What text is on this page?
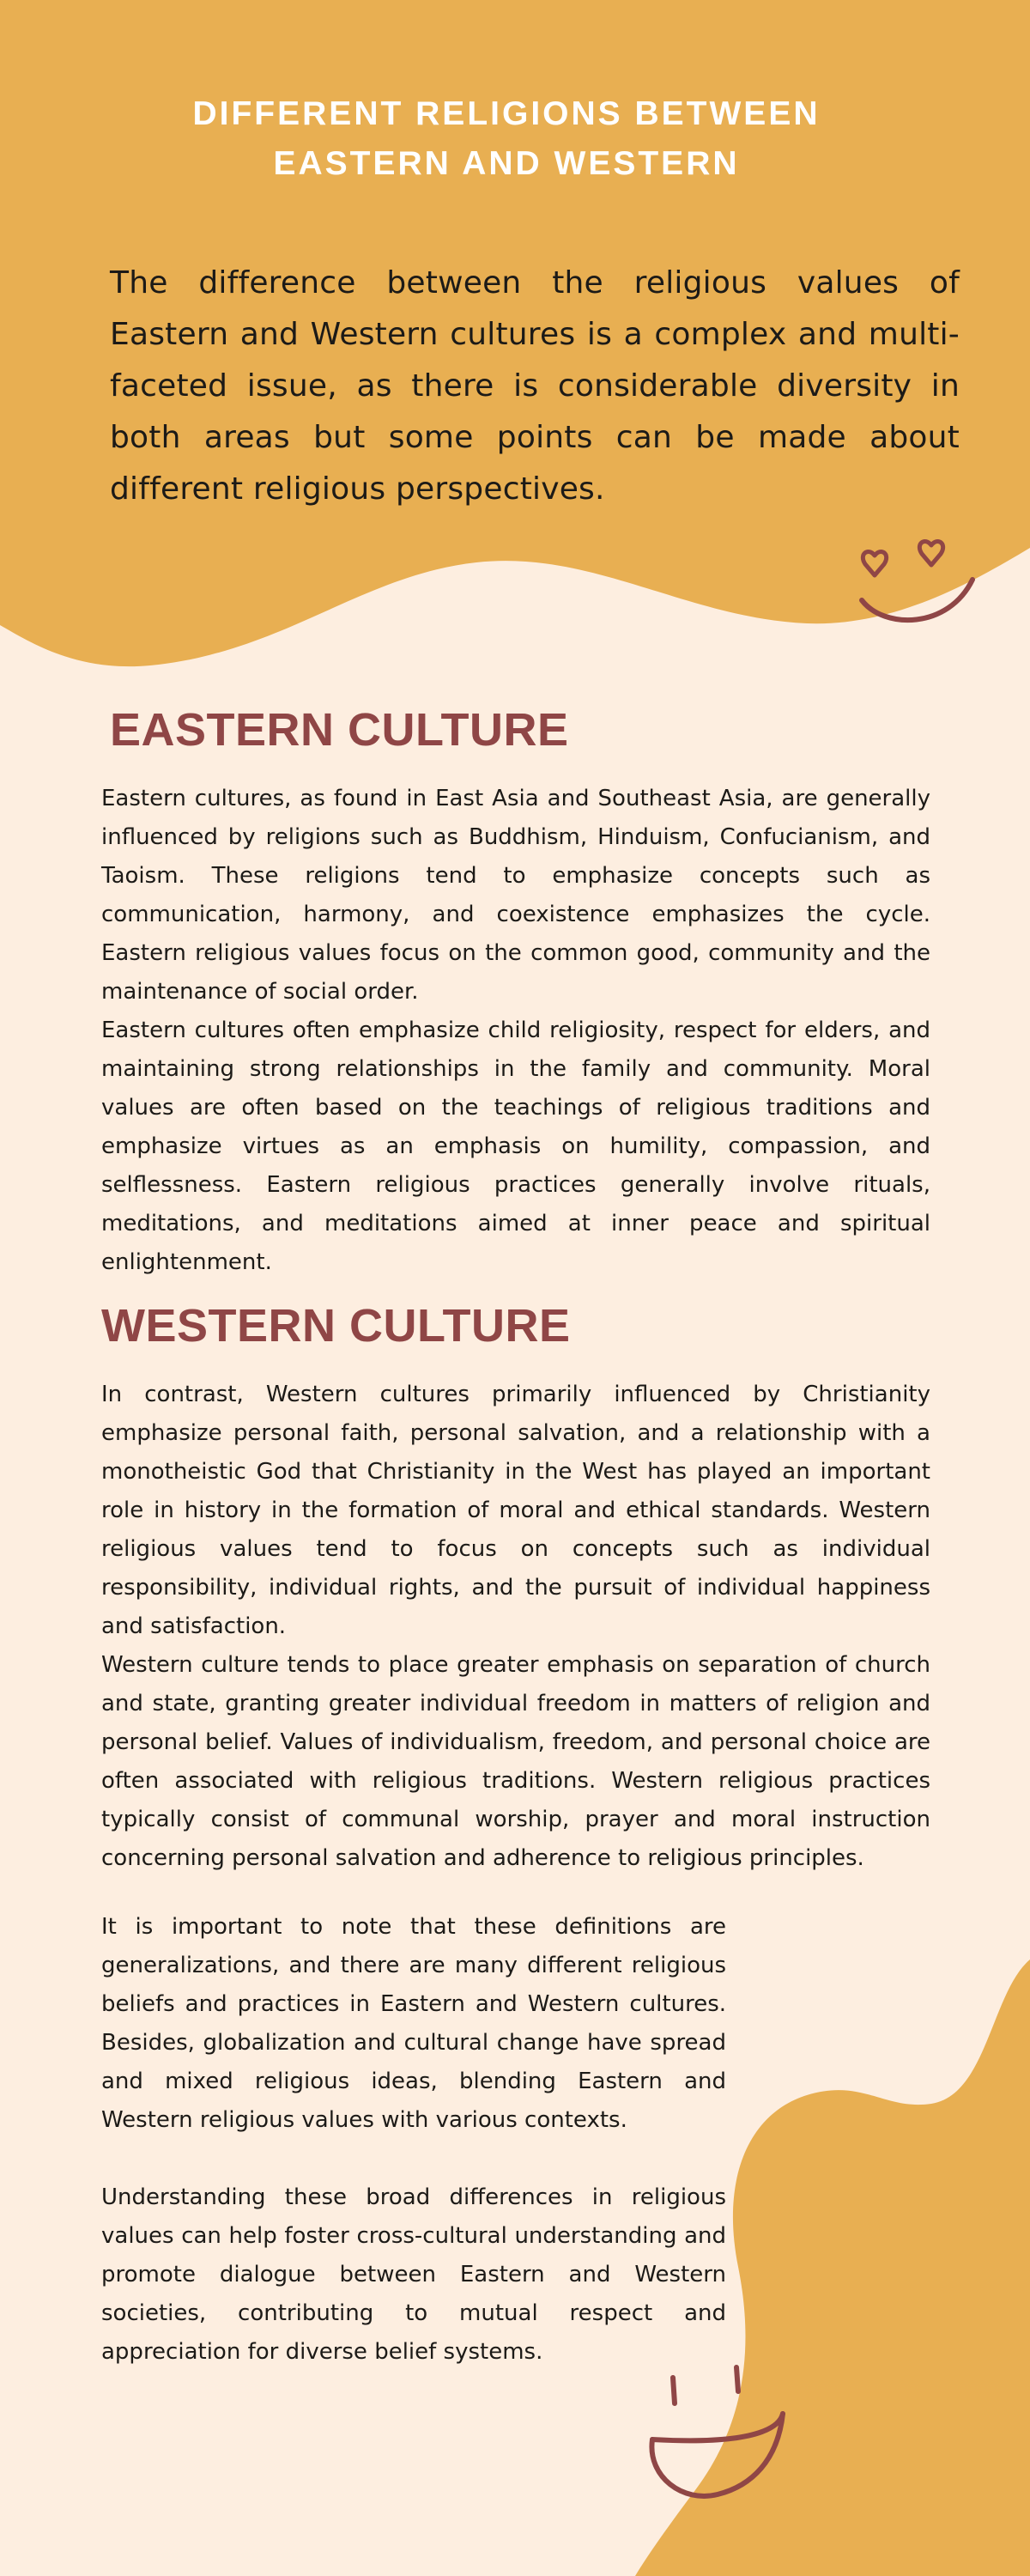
DIFFERENT RELIGIONS BETWEEN EASTERN AND WESTERN

The difference between the religious values of Eastern and Western cultures is a complex and multi-faceted issue, as there is considerable diversity in both areas but some points can be made about different religious perspectives.

EASTERN CULTURE

Eastern cultures, as found in East Asia and Southeast Asia, are generally influenced by religions such as Buddhism, Hinduism, Confucianism, and Taoism. These religions tend to emphasize concepts such as communication, harmony, and coexistence emphasizes the cycle. Eastern religious values focus on the common good, community and the maintenance of social order.

Eastern cultures often emphasize child religiosity, respect for elders, and maintaining strong relationships in the family and community. Moral values are often based on the teachings of religious traditions and emphasize virtues as an emphasis on humility, compassion, and selflessness. Eastern religious practices generally involve rituals, meditations, and meditations aimed at inner peace and spiritual enlightenment.

WESTERN CULTURE

In contrast, Western cultures primarily influenced by Christianity emphasize personal faith, personal salvation, and a relationship with a monotheistic God that Christianity in the West has played an important role in history in the formation of moral and ethical standards. Western religious values tend to focus on concepts such as individual responsibility, individual rights, and the pursuit of individual happiness and satisfaction.

Western culture tends to place greater emphasis on separation of church and state, granting greater individual freedom in matters of religion and personal belief. Values of individualism, freedom, and personal choice are often associated with religious traditions. Western religious practices typically consist of communal worship, prayer and moral instruction concerning personal salvation and adherence to religious principles.

It is important to note that these definitions are generalizations, and there are many different religious beliefs and practices in Eastern and Western cultures. Besides, globalization and cultural change have spread and mixed religious ideas, blending Eastern and Western religious values with various contexts.

Understanding these broad differences in religious values can help foster cross-cultural understanding and promote dialogue between Eastern and Western societies, contributing to mutual respect and appreciation for diverse belief systems.
